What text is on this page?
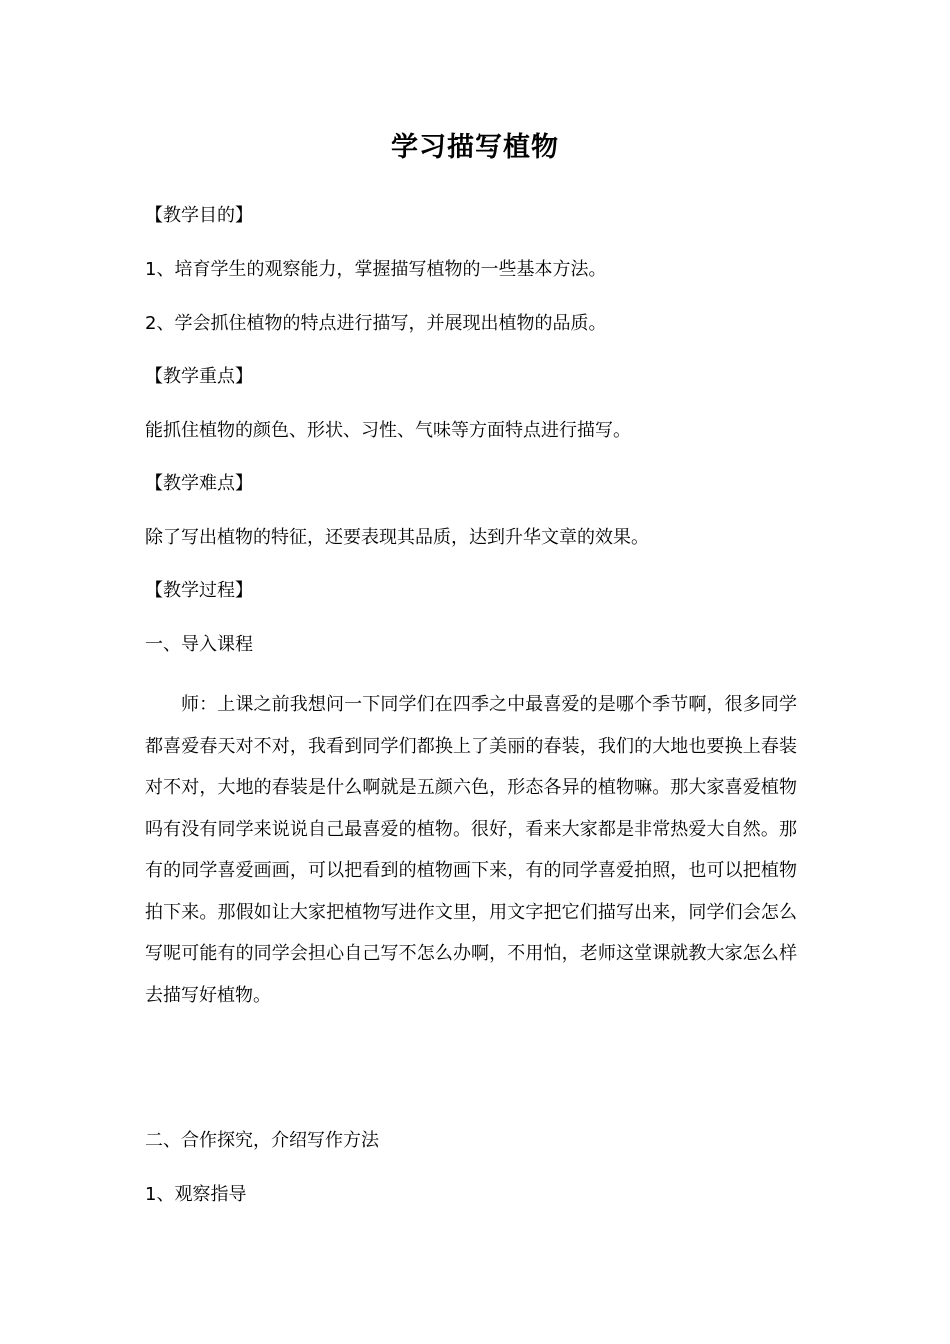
学习描写植物
【教学目的】
1、培育学生的观察能力，掌握描写植物的一些基本方法。
2、学会抓住植物的特点进行描写，并展现出植物的品质。
【教学重点】
能抓住植物的颜色、形状、习性、气味等方面特点进行描写。
【教学难点】
除了写出植物的特征，还要表现其品质，达到升华文章的效果。
【教学过程】
一、导入课程
师：上课之前我想问一下同学们在四季之中最喜爱的是哪个季节啊，很多同学都喜爱春天对不对，我看到同学们都换上了美丽的春装，我们的大地也要换上春装对不对，大地的春装是什么啊就是五颜六色，形态各异的植物嘛。那大家喜爱植物吗有没有同学来说说自己最喜爱的植物。很好，看来大家都是非常热爱大自然。那有的同学喜爱画画，可以把看到的植物画下来，有的同学喜爱拍照，也可以把植物拍下来。那假如让大家把植物写进作文里，用文字把它们描写出来，同学们会怎么写呢可能有的同学会担心自己写不怎么办啊，不用怕，老师这堂课就教大家怎么样去描写好植物。
二、合作探究，介绍写作方法
1、观察指导
